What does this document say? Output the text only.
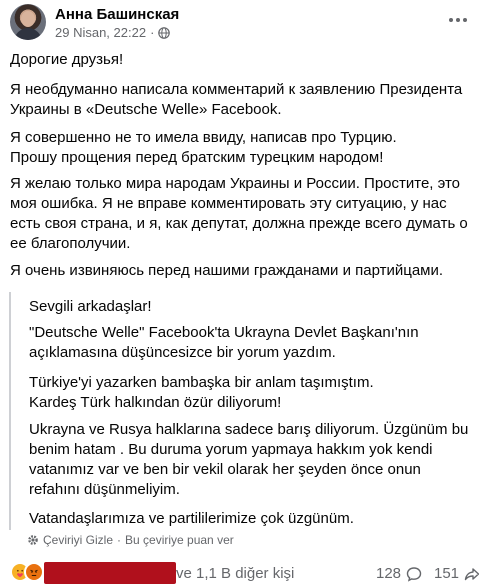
Анна Башинская
29 Nisan, 22:22 ·

Дорогие друзья!

Я необдуманно написала комментарий к заявлению Президента Украины в «Deutsche Welle» Facebook.

Я совершенно не то имела ввиду, написав про Турцию.
Прошу прощения перед братским турецким народом!

Я желаю только мира народам Украины и России. Простите, это моя ошибка. Я не вправе комментировать эту ситуацию, у нас есть своя страна, и я, как депутат, должна прежде всего думать о ее благополучии.

Я очень извиняюсь перед нашими гражданами и партийцами.

Sevgili arkadaşlar!

"Deutsche Welle" Facebook'ta Ukrayna Devlet Başkanı'nın açıklamasına düşüncesizce bir yorum yazdım.

Türkiye'yi yazarken bambaşka bir anlam taşımıştım.
Kardeş Türk halkından özür diliyorum!

Ukrayna ve Rusya halklarına sadece barış diliyorum. Üzgünüm bu benim hatam . Bu duruma yorum yapmaya hakkım yok kendi vatanımız var ve ben bir vekil olarak her şeyden önce onun refahını düşünmeliyim.

Vatandaşlarımıza ve partililerimize çok üzgünüm.

Çeviriyi Gizle · Bu çeviriye puan ver
ve 1,1 B diğer kişi	128 151
